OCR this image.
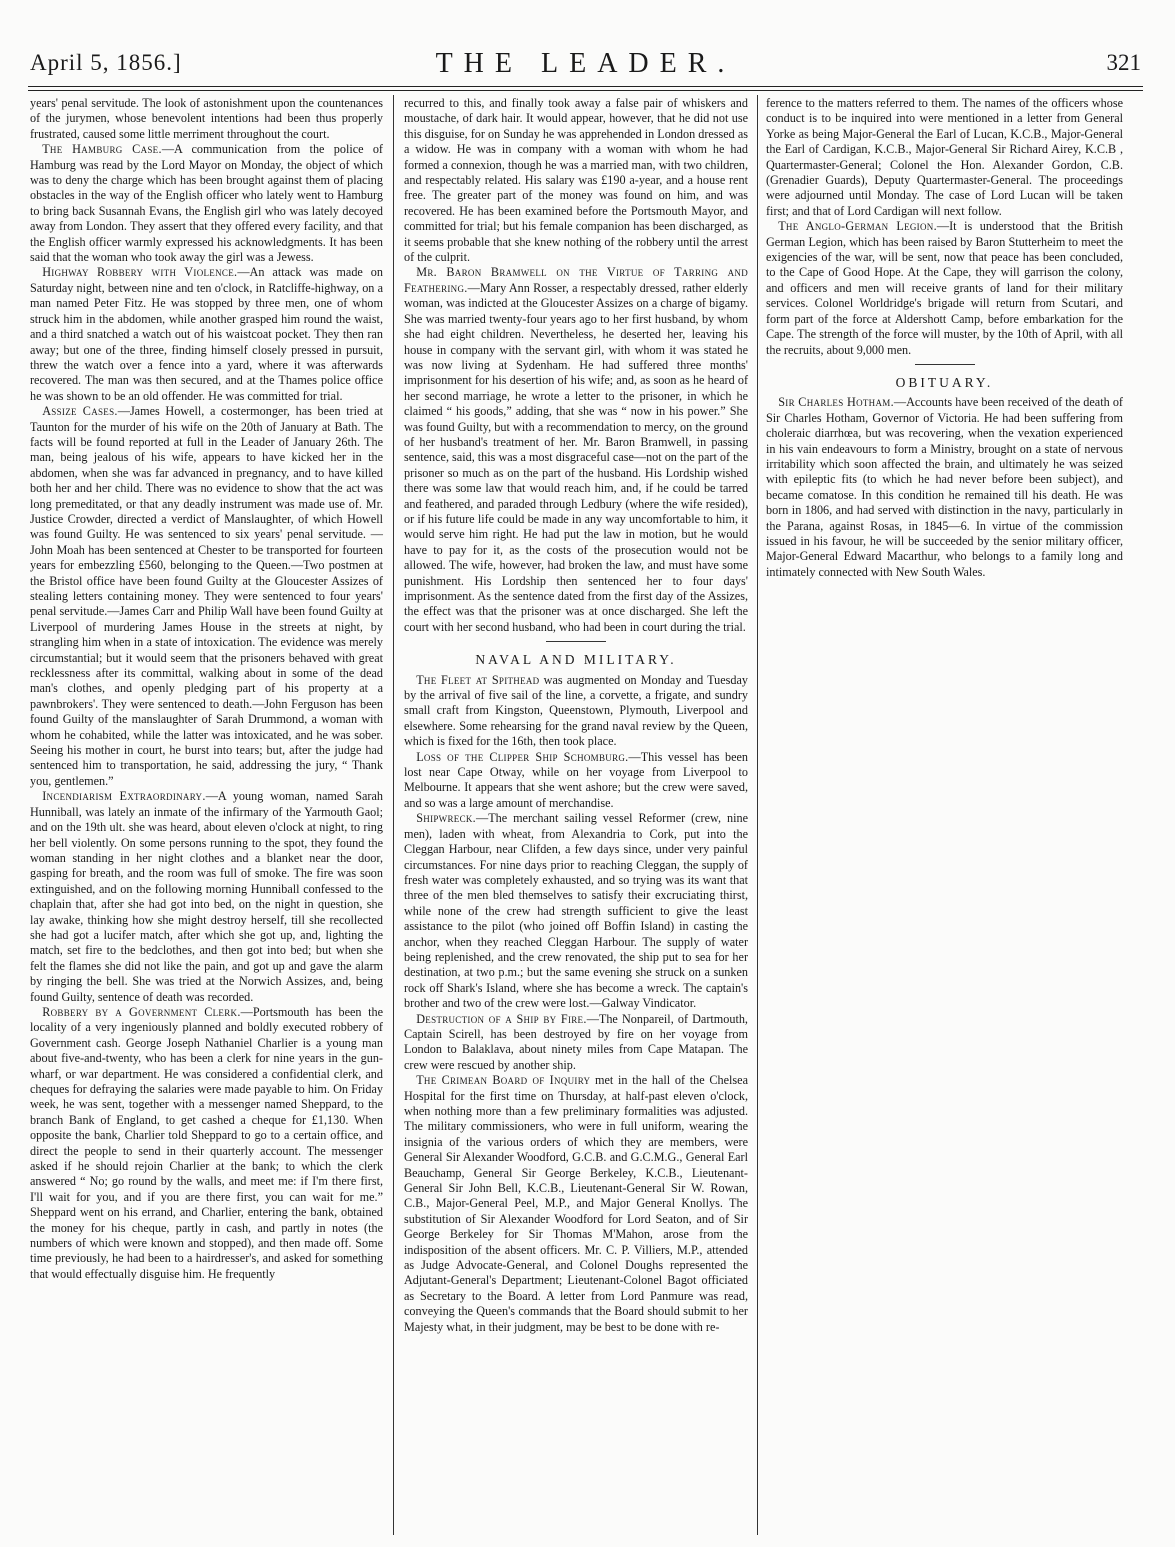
April 5, 1856.]	THE LEADER.	321

years' penal servitude. The look of astonishment upon the countenances of the jurymen, whose benevolent intentions had been thus properly frustrated, caused some little merriment throughout the court.

 The Hamburg Case.—A communication from the police of Hamburg was read by the Lord Mayor on Monday, the object of which was to deny the charge which has been brought against them of placing obstacles in the way of the English officer who lately went to Hamburg to bring back Susannah Evans, the English girl who was lately decoyed away from London. They assert that they offered every facility, and that the English officer warmly expressed his acknowledgments. It has been said that the woman who took away the girl was a Jewess.

 Highway Robbery with Violence.—An attack was made on Saturday night, between nine and ten o'clock, in Ratcliffe-highway, on a man named Peter Fitz. He was stopped by three men, one of whom struck him in the abdomen, while another grasped him round the waist, and a third snatched a watch out of his waistcoat pocket. They then ran away; but one of the three, finding himself closely pressed in pursuit, threw the watch over a fence into a yard, where it was afterwards recovered. The man was then secured, and at the Thames police office he was shown to be an old offender. He was committed for trial.

 Assize Cases.—James Howell, a costermonger, has been tried at Taunton for the murder of his wife on the 20th of January at Bath. The facts will be found reported at full in the Leader of January 26th. The man, being jealous of his wife, appears to have kicked her in the abdomen, when she was far advanced in pregnancy, and to have killed both her and her child. There was no evidence to show that the act was long premeditated, or that any deadly instrument was made use of. Mr. Justice Crowder, directed a verdict of Manslaughter, of which Howell was found Guilty. He was sentenced to six years' penal servitude. —John Moah has been sentenced at Chester to be transported for fourteen years for embezzling £560, belonging to the Queen.—Two postmen at the Bristol office have been found Guilty at the Gloucester Assizes of stealing letters containing money. They were sentenced to four years' penal servitude.—James Carr and Philip Wall have been found Guilty at Liverpool of murdering James House in the streets at night, by strangling him when in a state of intoxication. The evidence was merely circumstantial; but it would seem that the prisoners behaved with great recklessness after its committal, walking about in some of the dead man's clothes, and openly pledging part of his property at a pawnbrokers'. They were sentenced to death.—John Ferguson has been found Guilty of the manslaughter of Sarah Drummond, a woman with whom he cohabited, while the latter was intoxicated, and he was sober. Seeing his mother in court, he burst into tears; but, after the judge had sentenced him to transportation, he said, addressing the jury, “ Thank you, gentlemen.”

 Incendiarism Extraordinary.—A young woman, named Sarah Hunniball, was lately an inmate of the infirmary of the Yarmouth Gaol; and on the 19th ult. she was heard, about eleven o'clock at night, to ring her bell violently. On some persons running to the spot, they found the woman standing in her night clothes and a blanket near the door, gasping for breath, and the room was full of smoke. The fire was soon extinguished, and on the following morning Hunniball confessed to the chaplain that, after she had got into bed, on the night in question, she lay awake, thinking how she might destroy herself, till she recollected she had got a lucifer match, after which she got up, and, lighting the match, set fire to the bedclothes, and then got into bed; but when she felt the flames she did not like the pain, and got up and gave the alarm by ringing the bell. She was tried at the Norwich Assizes, and, being found Guilty, sentence of death was recorded.

 Robbery by a Government Clerk.—Portsmouth has been the locality of a very ingeniously planned and boldly executed robbery of Government cash. George Joseph Nathaniel Charlier is a young man about five-and-twenty, who has been a clerk for nine years in the gun-wharf, or war department. He was considered a confidential clerk, and cheques for defraying the salaries were made payable to him. On Friday week, he was sent, together with a messenger named Sheppard, to the branch Bank of England, to get cashed a cheque for £1,130. When opposite the bank, Charlier told Sheppard to go to a certain office, and direct the people to send in their quarterly account. The messenger asked if he should rejoin Charlier at the bank; to which the clerk answered “ No; go round by the walls, and meet me: if I'm there first, I'll wait for you, and if you are there first, you can wait for me.” Sheppard went on his errand, and Charlier, entering the bank, obtained the money for his cheque, partly in cash, and partly in notes (the numbers of which were known and stopped), and then made off. Some time previously, he had been to a hairdresser's, and asked for something that would effectually disguise him. He frequently

recurred to this, and finally took away a false pair of whiskers and moustache, of dark hair. It would appear, however, that he did not use this disguise, for on Sunday he was apprehended in London dressed as a widow. He was in company with a woman with whom he had formed a connexion, though he was a married man, with two children, and respectably related. His salary was £190 a-year, and a house rent free. The greater part of the money was found on him, and was recovered. He has been examined before the Portsmouth Mayor, and committed for trial; but his female companion has been discharged, as it seems probable that she knew nothing of the robbery until the arrest of the culprit.

 Mr. Baron Bramwell on the Virtue of Tarring and Feathering.—Mary Ann Rosser, a respectably dressed, rather elderly woman, was indicted at the Gloucester Assizes on a charge of bigamy. She was married twenty-four years ago to her first husband, by whom she had eight children. Nevertheless, he deserted her, leaving his house in company with the servant girl, with whom it was stated he was now living at Sydenham. He had suffered three months' imprisonment for his desertion of his wife; and, as soon as he heard of her second marriage, he wrote a letter to the prisoner, in which he claimed “ his goods,” adding, that she was “ now in his power.” She was found Guilty, but with a recommendation to mercy, on the ground of her husband's treatment of her. Mr. Baron Bramwell, in passing sentence, said, this was a most disgraceful case—not on the part of the prisoner so much as on the part of the husband. His Lordship wished there was some law that would reach him, and, if he could be tarred and feathered, and paraded through Ledbury (where the wife resided), or if his future life could be made in any way uncomfortable to him, it would serve him right. He had put the law in motion, but he would have to pay for it, as the costs of the prosecution would not be allowed. The wife, however, had broken the law, and must have some punishment. His Lordship then sentenced her to four days' imprisonment. As the sentence dated from the first day of the Assizes, the effect was that the prisoner was at once discharged. She left the court with her second husband, who had been in court during the trial.

NAVAL AND MILITARY.

 The Fleet at Spithead was augmented on Monday and Tuesday by the arrival of five sail of the line, a corvette, a frigate, and sundry small craft from Kingston, Queenstown, Plymouth, Liverpool and elsewhere. Some rehearsing for the grand naval review by the Queen, which is fixed for the 16th, then took place.

 Loss of the Clipper Ship Schomburg.—This vessel has been lost near Cape Otway, while on her voyage from Liverpool to Melbourne. It appears that she went ashore; but the crew were saved, and so was a large amount of merchandise.

 Shipwreck.—The merchant sailing vessel Reformer (crew, nine men), laden with wheat, from Alexandria to Cork, put into the Cleggan Harbour, near Clifden, a few days since, under very painful circumstances. For nine days prior to reaching Cleggan, the supply of fresh water was completely exhausted, and so trying was its want that three of the men bled themselves to satisfy their excruciating thirst, while none of the crew had strength sufficient to give the least assistance to the pilot (who joined off Boffin Island) in casting the anchor, when they reached Cleggan Harbour. The supply of water being replenished, and the crew renovated, the ship put to sea for her destination, at two p.m.; but the same evening she struck on a sunken rock off Shark's Island, where she has become a wreck. The captain's brother and two of the crew were lost.—Galway Vindicator.

 Destruction of a Ship by Fire.—The Nonpareil, of Dartmouth, Captain Scirell, has been destroyed by fire on her voyage from London to Balaklava, about ninety miles from Cape Matapan. The crew were rescued by another ship.

 The Crimean Board of Inquiry met in the hall of the Chelsea Hospital for the first time on Thursday, at half-past eleven o'clock, when nothing more than a few preliminary formalities was adjusted. The military commissioners, who were in full uniform, wearing the insignia of the various orders of which they are members, were General Sir Alexander Woodford, G.C.B. and G.C.M.G., General Earl Beauchamp, General Sir George Berkeley, K.C.B., Lieutenant-General Sir John Bell, K.C.B., Lieutenant-General Sir W. Rowan, C.B., Major-General Peel, M.P., and Major General Knollys. The substitution of Sir Alexander Woodford for Lord Seaton, and of Sir George Berkeley for Sir Thomas M'Mahon, arose from the indisposition of the absent officers. Mr. C. P. Villiers, M.P., attended as Judge Advocate-General, and Colonel Doughs represented the Adjutant-General's Department; Lieutenant-Colonel Bagot officiated as Secretary to the Board. A letter from Lord Panmure was read, conveying the Queen's commands that the Board should submit to her Majesty what, in their judgment, may be best to be done with re-

ference to the matters referred to them. The names of the officers whose conduct is to be inquired into were mentioned in a letter from General Yorke as being Major-General the Earl of Lucan, K.C.B., Major-General the Earl of Cardigan, K.C.B., Major-General Sir Richard Airey, K.C.B , Quartermaster-General; Colonel the Hon. Alexander Gordon, C.B. (Grenadier Guards), Deputy Quartermaster-General. The proceedings were adjourned until Monday. The case of Lord Lucan will be taken first; and that of Lord Cardigan will next follow.

 The Anglo-German Legion.—It is understood that the British German Legion, which has been raised by Baron Stutterheim to meet the exigencies of the war, will be sent, now that peace has been concluded, to the Cape of Good Hope. At the Cape, they will garrison the colony, and officers and men will receive grants of land for their military services. Colonel Worldridge's brigade will return from Scutari, and form part of the force at Aldershott Camp, before embarkation for the Cape. The strength of the force will muster, by the 10th of April, with all the recruits, about 9,000 men.

OBITUARY.

 Sir Charles Hotham.—Accounts have been received of the death of Sir Charles Hotham, Governor of Victoria. He had been suffering from choleraic diarrhœa, but was recovering, when the vexation experienced in his vain endeavours to form a Ministry, brought on a state of nervous irritability which soon affected the brain, and ultimately he was seized with epileptic fits (to which he had never before been subject), and became comatose. In this condition he remained till his death. He was born in 1806, and had served with distinction in the navy, particularly in the Parana, against Rosas, in 1845—6. In virtue of the commission issued in his favour, he will be succeeded by the senior military officer, Major-General Edward Macarthur, who belongs to a family long and intimately connected with New South Wales.
